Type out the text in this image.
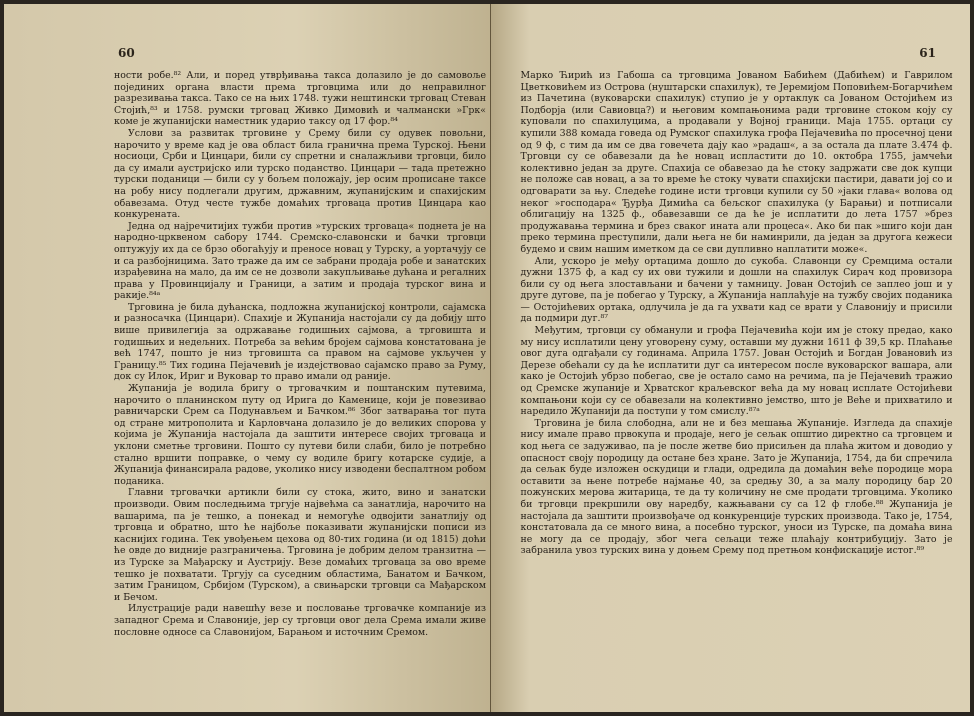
60

ности робе.⁸² Али, и поред утврђивања такса долазило је до самовоље појединих органа власти према трговцима или до неправилног разрезивања такса. Тако се на њих 1748. тужи нештински трговац Стеван Стојић,⁸³ и 1758. румски трговац Живко Димовић и чалмански »Грк« коме је жупанијски наместник ударио таксу од 17 фор.⁸⁴

Услови за развитак трговине у Срему били су одувек повољни, нарочито у време кад је ова област била гранична према Турској. Њени носиоци, Срби и Цинцари, били су спретни и сналажљиви трговци, било да су имали аустријско или турско поданство. Цинцари — тада претежно турски поданици — били су у бољем положају, јер осим прописане таксе на робу нису подлегали другим, државним, жупанијским и спахијским обавезама. Отуд честе тужбе домаћих трговаца против Цинцара као конкурената.

Једна од најречитијих тужби против »турских трговаца« поднета је на народно-црквеном сабору 1744. Сремско-славонски и бачки трговци оптужују их да се брзо обогаћују и преносе новац у Турску, а уортачују се и са разбојницима. Зато траже да им се забрани продаја робе и занатских израђевина на мало, да им се не дозволи закупљивање дућана и регалних права у Провинцијалу и Граници, а затим и продаја турског вина и ракије.⁸⁴ᵃ

Трговина је била дућанска, подложна жупанијској контроли, сајамска и разносачка (Цинцари). Спахије и Жупанија настојали су да добију што више привилегија за одржавање годишњих сајмова, а трговишта и годишњих и недељних. Потреба за већим бројем сајмова констатована је већ 1747, пошто је низ трговишта са правом на сајмове укључен у Границу.⁸⁵ Тих година Пејачевић је издејствовао сајамско право за Руму, док су Илок, Ириг и Вуковар то право имали од раније.

Жупанија је водила бригу о трговачким и поштанским путевима, нарочито о планинском путу од Ирига до Каменице, који је повезивао равничарски Срем са Подунављем и Бачком.⁸⁶ Због затварања тог пута од стране митрополита и Карловчана долазило је до великих спорова у којима је Жупанија настојала да заштити интересе својих трговаца и уклони сметње трговини. Пошто су путеви били слаби, било је потребно стално вршити поправке, о чему су водиле бригу котарске судије, а Жупанија финансирала радове, уколико нису изводени беспалтном робом подaника.

Главни трговачки артикли били су стока, жито, вино и занатски производи. Овим последњима тргује највећма са занатлија, нарочито на вашарима, па је тешко, а понекад и немогуће одвојити занатлију од трговца и обратно, што ће најбоље показивати жупанијски пописи из каснијих година. Тек увођењем цехова од 80-тих година (и од 1815) доћи ће овде до видније разграничења. Трговина је добрим делом транзитна — из Турске за Мађарску и Аустрију. Везе домаћих трговаца за ово време тешко је похватати. Тргују са суседним областима, Банатом и Бачком, затим Границом, Србијом (Турском), а свињарски трговци са Мађарском и Бечом.

Илустрације ради навешћу везе и пословање трговачке компаније из западног Срема и Славоније, јер су трговци овог дела Срема имали живе пословне односе са Славонијом, Барањом и источним Сремом.

61

Марко Ћирић из Габоша са трговцима Јованом Бабићем (Дабићем) и Гаврилом Цветковићем из Острова (нуштарски спахилук), те Јеремијом Поповићем-Богарчићем из Пачетина (вуковарски спахилук) ступио је у ортаклук са Јованом Остојићем из Подборја (или Савиовца?) и његовим компањонима ради трговине стоком коју су куповали по спахилуцима, а продавали у Војној граници. Маја 1755. ортаци су купили 388 комада говеда од Румског спахилука грофа Пејачевића по просечној цени од 9 ф, с тим да им се два говечета дају као »радаш«, а за остала да плате 3.474 ф. Трговци су се обавезали да ће новац испластити до 10. октобра 1755, јамчећи колективно један за друге. Спахија се обавезао да ће стоку задржати све док купци не положе сав новац, а за то време ће стоку чувати спахијски пастири, давати јој со и одговарати за њу. Следеће године исти трговци купили су 50 »јаки глава« волова од неког »господара« Ђурђа Димића са бељског спахилука (у Барањи) и потписали облигацију на 1325 ф., обавезавши се да ће је исплатити до лета 1757 »брез продужавања термина и брез сваког ината али процеса«. Ако би пак »шиго који дан преко термина преступили, дали њега не би наминрили, да један за другога кежеси будемо и свим нашим иметком да се сви дупливно наплатити може«.

Али, ускоро је међу ортацима дошло до сукоба. Славонци су Сремцима остали дужни 1375 ф, а кад су их ови тужили и дошли на спахилук Сирач код провизора били су од њега злостављани и бачени у тамницу. Јован Остојић се заплео још и у друге дугове, па је побегао у Турску, а Жупанија наплаћује на тужбу својих поданика — Остојићевих ортака, одлучила је да га ухвати кад се врати у Славонију и присили да подмири дуг.⁸⁷

Међутим, трговци су обманули и грофа Пејачевића који им је стоку предао, како му нису исплатили цену уговорену суму, оставши му дужни 1611 ф 39,5 кр. Плаћање овог дуга одгађали су годинама. Априла 1757. Јован Остојић и Богдан Јовановић из Дерезе обећали су да ће исплатити дуг са интересом после вуковарског вашара, али како је Остојић убрзо побегао, све је остало само на речима, па је Пејачевић тражио од Сремске жупаније и Хрватског краљевског већа да му новац исплате Остојићеви компањони који су се обавезали на колективно јемство, што је Веће и прихватило и наредило Жупанији да поступи у том смислу.⁸⁷ᵃ

Трговина је била слободна, али не и без мешања Жупаније. Изгледа да спахије нису имале право првокупа и продаје, него је сељак општио директно са трговцем и код њега се задуживао, па је после жетве био присиљен да плаћа житом и доводио у опасност своју породицу да остане без хране. Зато је Жупанија, 1754, да би спречила да сељак буде изложен оскудици и глади, одредила да домаћин веће породице мора оставити за њене потребе најмање 40, за средњу 30, а за малу породицу бар 20 пожунских мерова житарица, те да ту количину не сме продати трговцима. Уколико би трговци прекршили ову наредбу, кажњавани су са 12 ф глобе.⁸⁸ Жупанија је настојала да заштити произвођаче од конкуренције турских производа. Тако је, 1754, констатовала да се много вина, а посебно турског, уноси из Турске, па домаћа вина не могу да се продају, због чега сељаци теже плаћају контрибуцију. Зато је забранила увоз турских вина у доњем Срему под претњом конфискације истог.⁸⁹
